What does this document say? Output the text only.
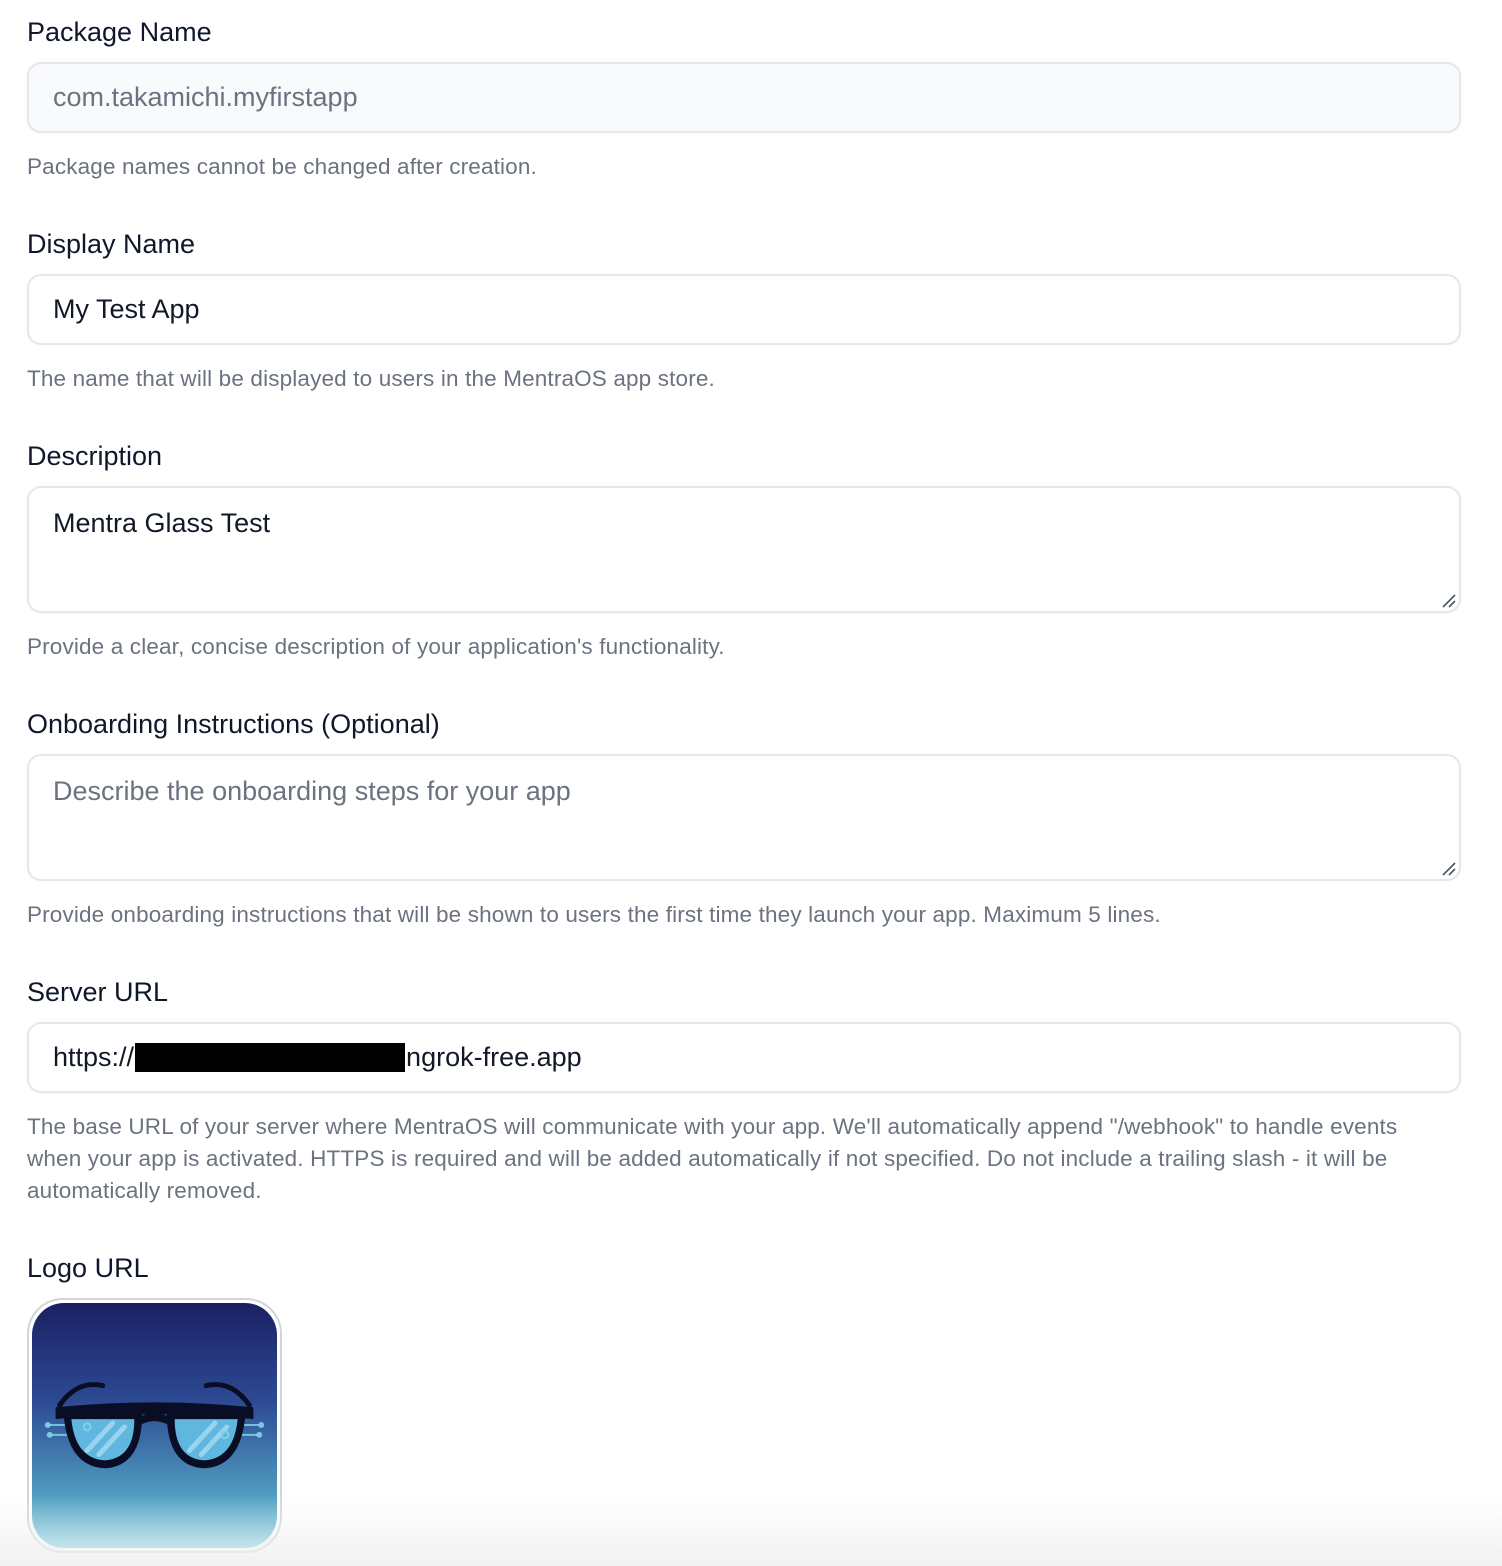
Package Name
com.takamichi.myfirstapp
Package names cannot be changed after creation.
Display Name
My Test App
The name that will be displayed to users in the MentraOS app store.
Description
Mentra Glass Test
Provide a clear, concise description of your application's functionality.
Onboarding Instructions (Optional)
Describe the onboarding steps for your app
Provide onboarding instructions that will be shown to users the first time they launch your app. Maximum 5 lines.
Server URL
https://	ngrok-free.app
The base URL of your server where MentraOS will communicate with your app. We'll automatically append "/webhook" to handle events when your app is activated. HTTPS is required and will be added automatically if not specified. Do not include a trailing slash - it will be automatically removed.
Logo URL
